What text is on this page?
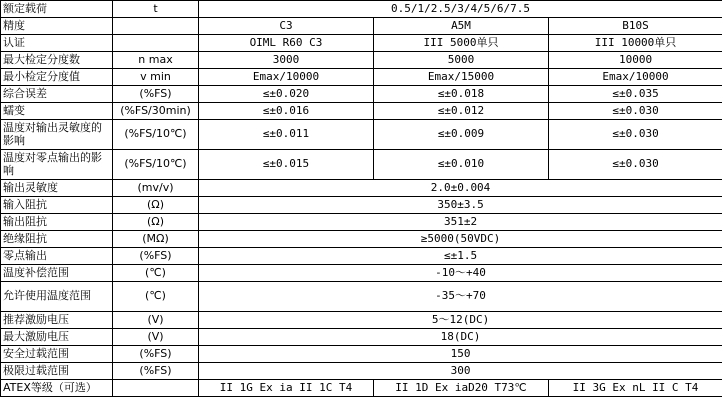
额定载荷	t	0.5/1/2.5/3/4/5/6/7.5		
精度		C3	A5M	B10S
认证		OIML R60 C3	III 5000单只	III 10000单只
最大检定分度数	n max	3000	5000	10000
最小检定分度值	v min	Emax/10000	Emax/15000	Emax/10000
综合误差	(%FS)	≤±0.020	≤±0.018	≤±0.035
蠕变	(%FS/30min)	≤±0.016	≤±0.012	≤±0.030
温度对输出灵敏度的影响	(%FS/10℃)	≤±0.011	≤±0.009	≤±0.030
温度对零点输出的影响	(%FS/10℃)	≤±0.015	≤±0.010	≤±0.030
输出灵敏度	(mv/v)	2.0±0.004		
输入阻抗	(Ω)	350±3.5		
输出阻抗	(Ω)	351±2		
绝缘阻抗	(MΩ)	≥5000(50VDC)		
零点输出	(%FS)	≤±1.5		
温度补偿范围	(℃)	-10～+40		
允许使用温度范围	(℃)	-35～+70		
推荐激励电压	(V)	5～12(DC)		
最大激励电压	(V)	18(DC)		
安全过载范围	(%FS)	150		
极限过载范围	(%FS)	300		
ATEX等级（可选）		II 1G Ex ia II 1C T4	II 1D Ex iaD20 T73℃	II 3G Ex nL II C T4
